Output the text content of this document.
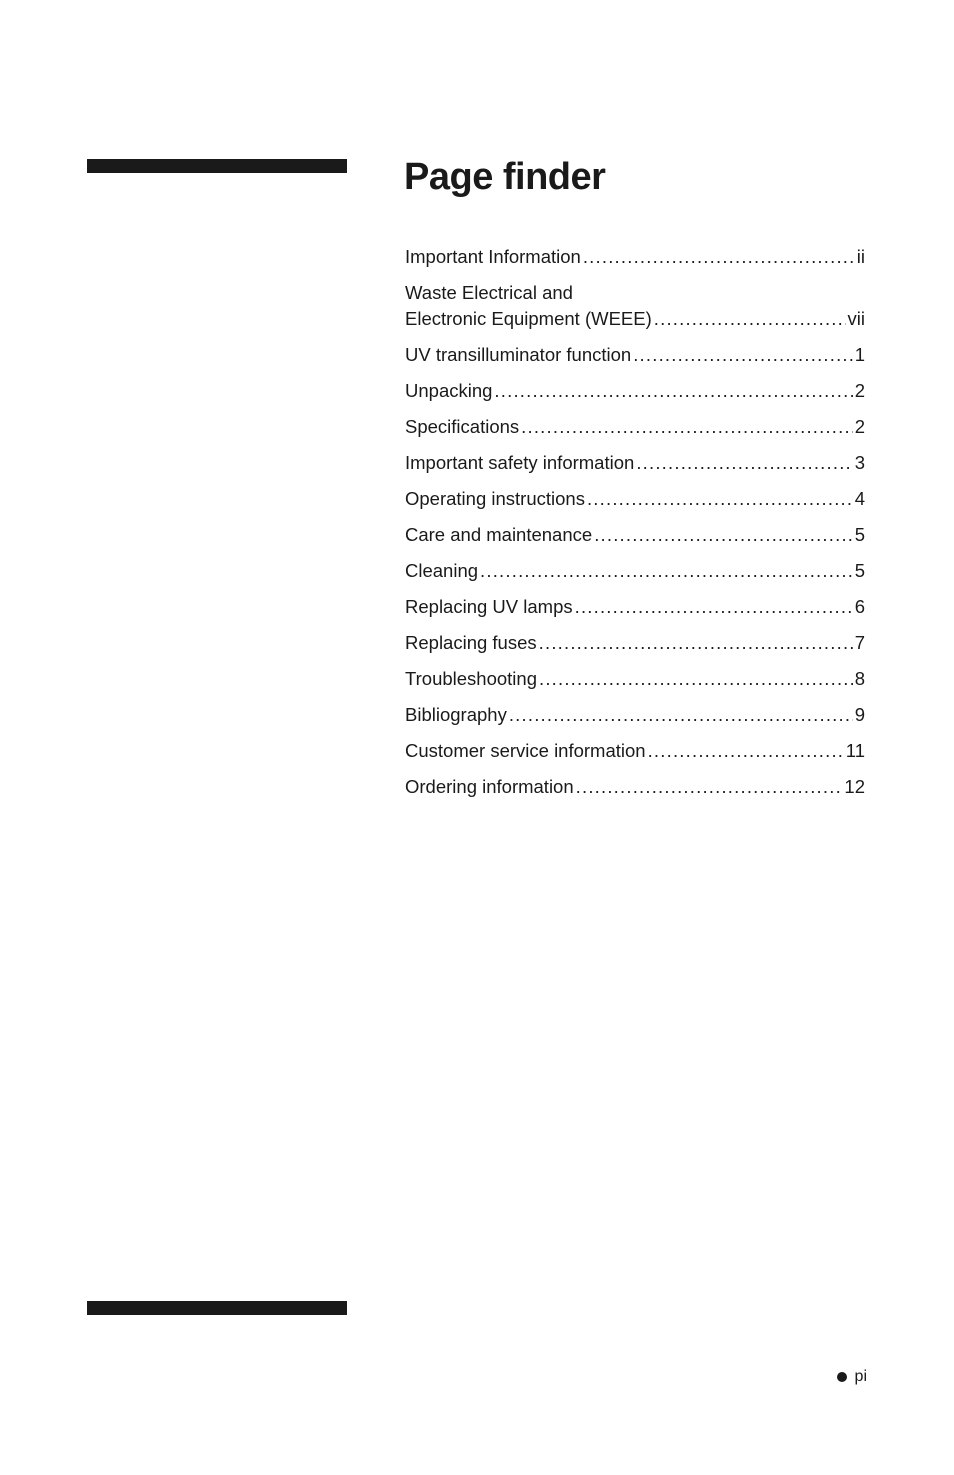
Page finder
Important Information .....	ii
Waste Electrical and
Electronic Equipment (WEEE) .....	vii
UV transilluminator function .....	1
Unpacking .....	2
Specifications .....	2
Important safety information .....	3
Operating instructions .....	4
Care and maintenance .....	5
Cleaning .....	5
Replacing UV lamps .....	6
Replacing fuses .....	7
Troubleshooting .....	8
Bibliography .....	9
Customer service information .....	11
Ordering information .....	12
pi
